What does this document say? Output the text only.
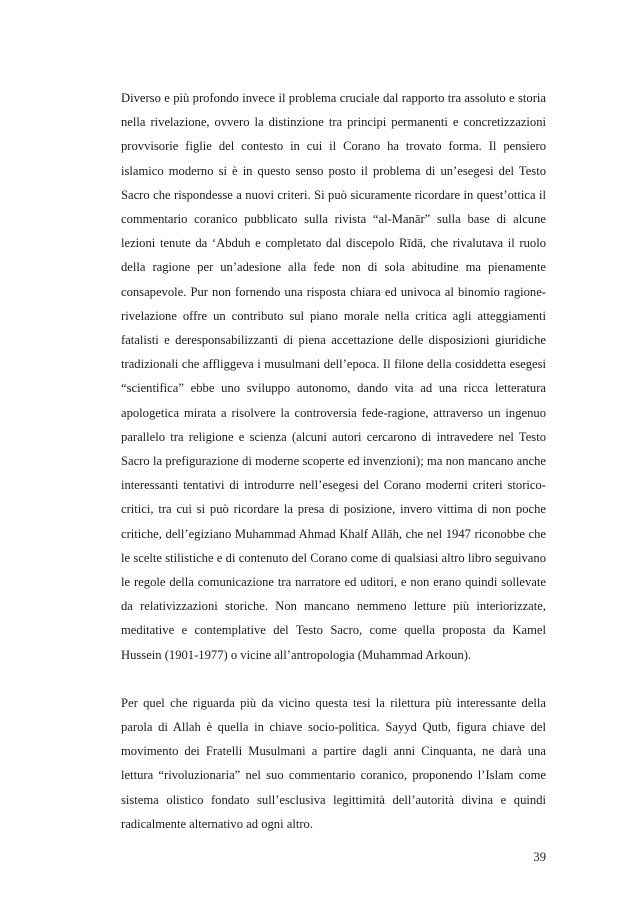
Diverso e più profondo invece il problema cruciale dal rapporto tra assoluto e storia nella rivelazione, ovvero la distinzione tra principi permanenti e concretizzazioni provvisorie figlie del contesto in cui il Corano ha trovato forma. Il pensiero islamico moderno si è in questo senso posto il problema di un’esegesi del Testo Sacro che rispondesse a nuovi criteri. Si può sicuramente ricordare in quest’ottica il commentario coranico pubblicato sulla rivista “al-Manār” sulla base di alcune lezioni tenute da ‘Abduh e completato dal discepolo Rīdā, che rivalutava il ruolo della ragione per un’adesione alla fede non di sola abitudine ma pienamente consapevole. Pur non fornendo una risposta chiara ed univoca al binomio ragione-rivelazione offre un contributo sul piano morale nella critica agli atteggiamenti fatalisti e deresponsabilizzanti di piena accettazione delle disposizioni giuridiche tradizionali che affliggeva i musulmani dell’epoca. Il filone della cosiddetta esegesi “scientifica” ebbe uno sviluppo autonomo, dando vita ad una ricca letteratura apologetica mirata a risolvere la controversia fede-ragione, attraverso un ingenuo parallelo tra religione e scienza (alcuni autori cercarono di intravedere nel Testo Sacro la prefigurazione di moderne scoperte ed invenzioni); ma non mancano anche interessanti tentativi di introdurre nell’esegesi del Corano moderni criteri storico-critici, tra cui si può ricordare la presa di posizione, invero vittima di non poche critiche, dell’egiziano Muhammad Ahmad Khalf Allāh, che nel 1947 riconobbe che le scelte stilistiche e di contenuto del Corano come di qualsiasi altro libro seguivano le regole della comunicazione tra narratore ed uditori, e non erano quindi sollevate da relativizzazioni storiche. Non mancano nemmeno letture più interiorizzate, meditative e contemplative del Testo Sacro, come quella proposta da Kamel Hussein (1901-1977) o vicine all’antropologia (Muhammad Arkoun).

Per quel che riguarda più da vicino questa tesi la rilettura più interessante della parola di Allah è quella in chiave socio-politica. Sayyd Qutb, figura chiave del movimento dei Fratelli Musulmani a partire dagli anni Cinquanta, ne darà una lettura “rivoluzionaria” nel suo commentario coranico, proponendo l’Islam come sistema olistico fondato sull’esclusiva legittimità dell’autorità divina e quindi radicalmente alternativo ad ogni altro.

39
